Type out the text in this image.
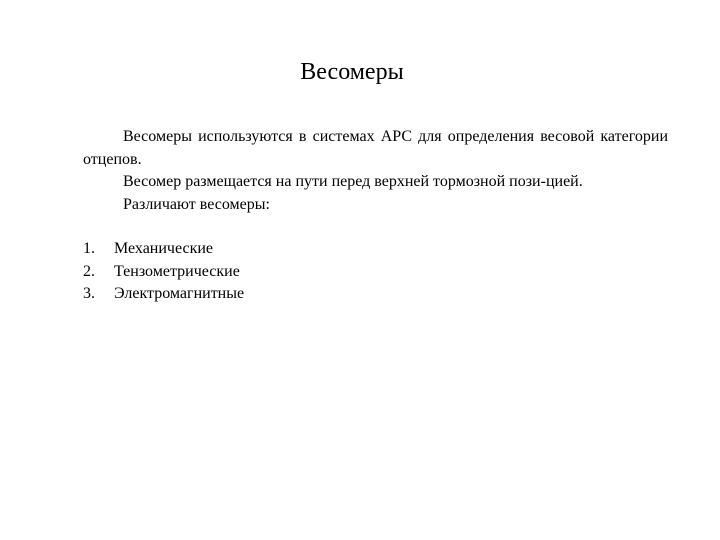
Весомеры

Весомеры используются в системах АРС для определения весовой категории отцепов.

Весомер размещается на пути перед верхней тормозной пози-цией.

Различают весомеры:

1.	Механические
2.	Тензометрические
3.	Электромагнитные
